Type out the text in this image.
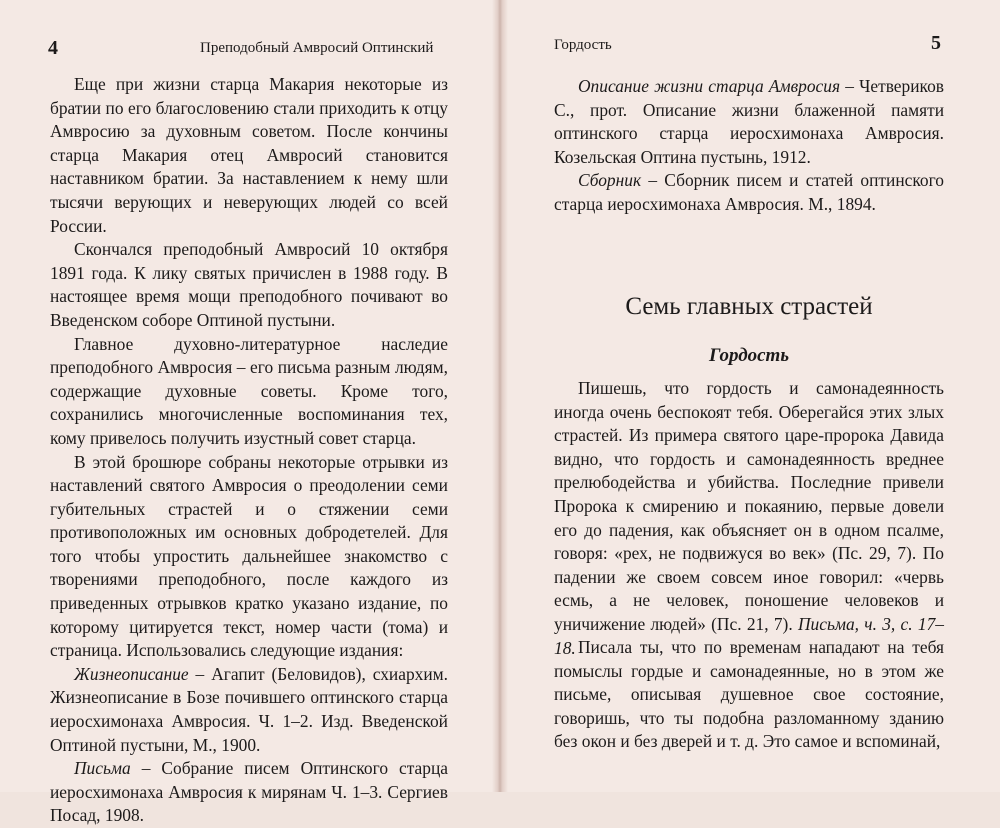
4	Преподобный Амвросий Оптинский

Еще при жизни старца Макария некоторые из братии по его благословению стали приходить к отцу Амвросию за духовным советом. После кончины старца Макария отец Амвросий становится наставником братии. За наставлением к нему шли тысячи верующих и неверующих людей со всей России.

Скончался преподобный Амвросий 10 октября 1891 года. К лику святых причислен в 1988 году. В настоящее время мощи преподобного почивают во Введенском соборе Оптиной пустыни.

Главное духовно-литературное наследие преподобного Амвросия – его письма разным людям, содержащие духовные советы. Кроме того, сохранились многочисленные воспоминания тех, кому привелось получить изустный совет старца.

В этой брошюре собраны некоторые отрывки из наставлений святого Амвросия о преодолении семи губительных страстей и о стяжении семи противоположных им основных добродетелей. Для того чтобы упростить дальнейшее знакомство с творениями преподобного, после каждого из приведенных отрывков кратко указано издание, по которому цитируется текст, номер части (тома) и страница. Использовались следующие издания:

Жизнеописание – Агапит (Беловидов), схиархим. Жизнеописание в Бозе почившего оптинского старца иеросхимонаха Амвросия. Ч. 1–2. Изд. Введенской Оптиной пустыни, М., 1900.

Письма – Собрание писем Оптинского старца иеросхимонаха Амвросия к мирянам Ч. 1–3. Сергиев Посад, 1908.

5
Гордость

Описание жизни старца Амвросия – Четвериков С., прот. Описание жизни блаженной памяти оптинского старца иеросхимонаха Амвросия. Козельская Оптина пустынь, 1912.

Сборник – Сборник писем и статей оптинского старца иеросхимонаха Амвросия. М., 1894.

Семь главных страстей
Гордость

Пишешь, что гордость и самонадеянность иногда очень беспокоят тебя. Оберегайся этих злых страстей. Из примера святого царе-пророка Давида видно, что гордость и самонадеянность вреднее прелюбодейства и убийства. Последние привели Пророка к смирению и покаянию, первые довели его до падения, как объясняет он в одном псалме, говоря: «рех, не подвижуся во век» (Пс. 29, 7). По падении же своем совсем иное говорил: «червь есмь, а не человек, поношение человеков и уничижение людей» (Пс. 21, 7). Письма, ч. 3, с. 17–18. Писала ты, что по временам нападают на тебя помыслы гордые и самонадеянные, но в этом же письме, описывая душевное свое состояние, говоришь, что ты подобна разломанному зданию без окон и без дверей и т. д. Это самое и вспоминай,
